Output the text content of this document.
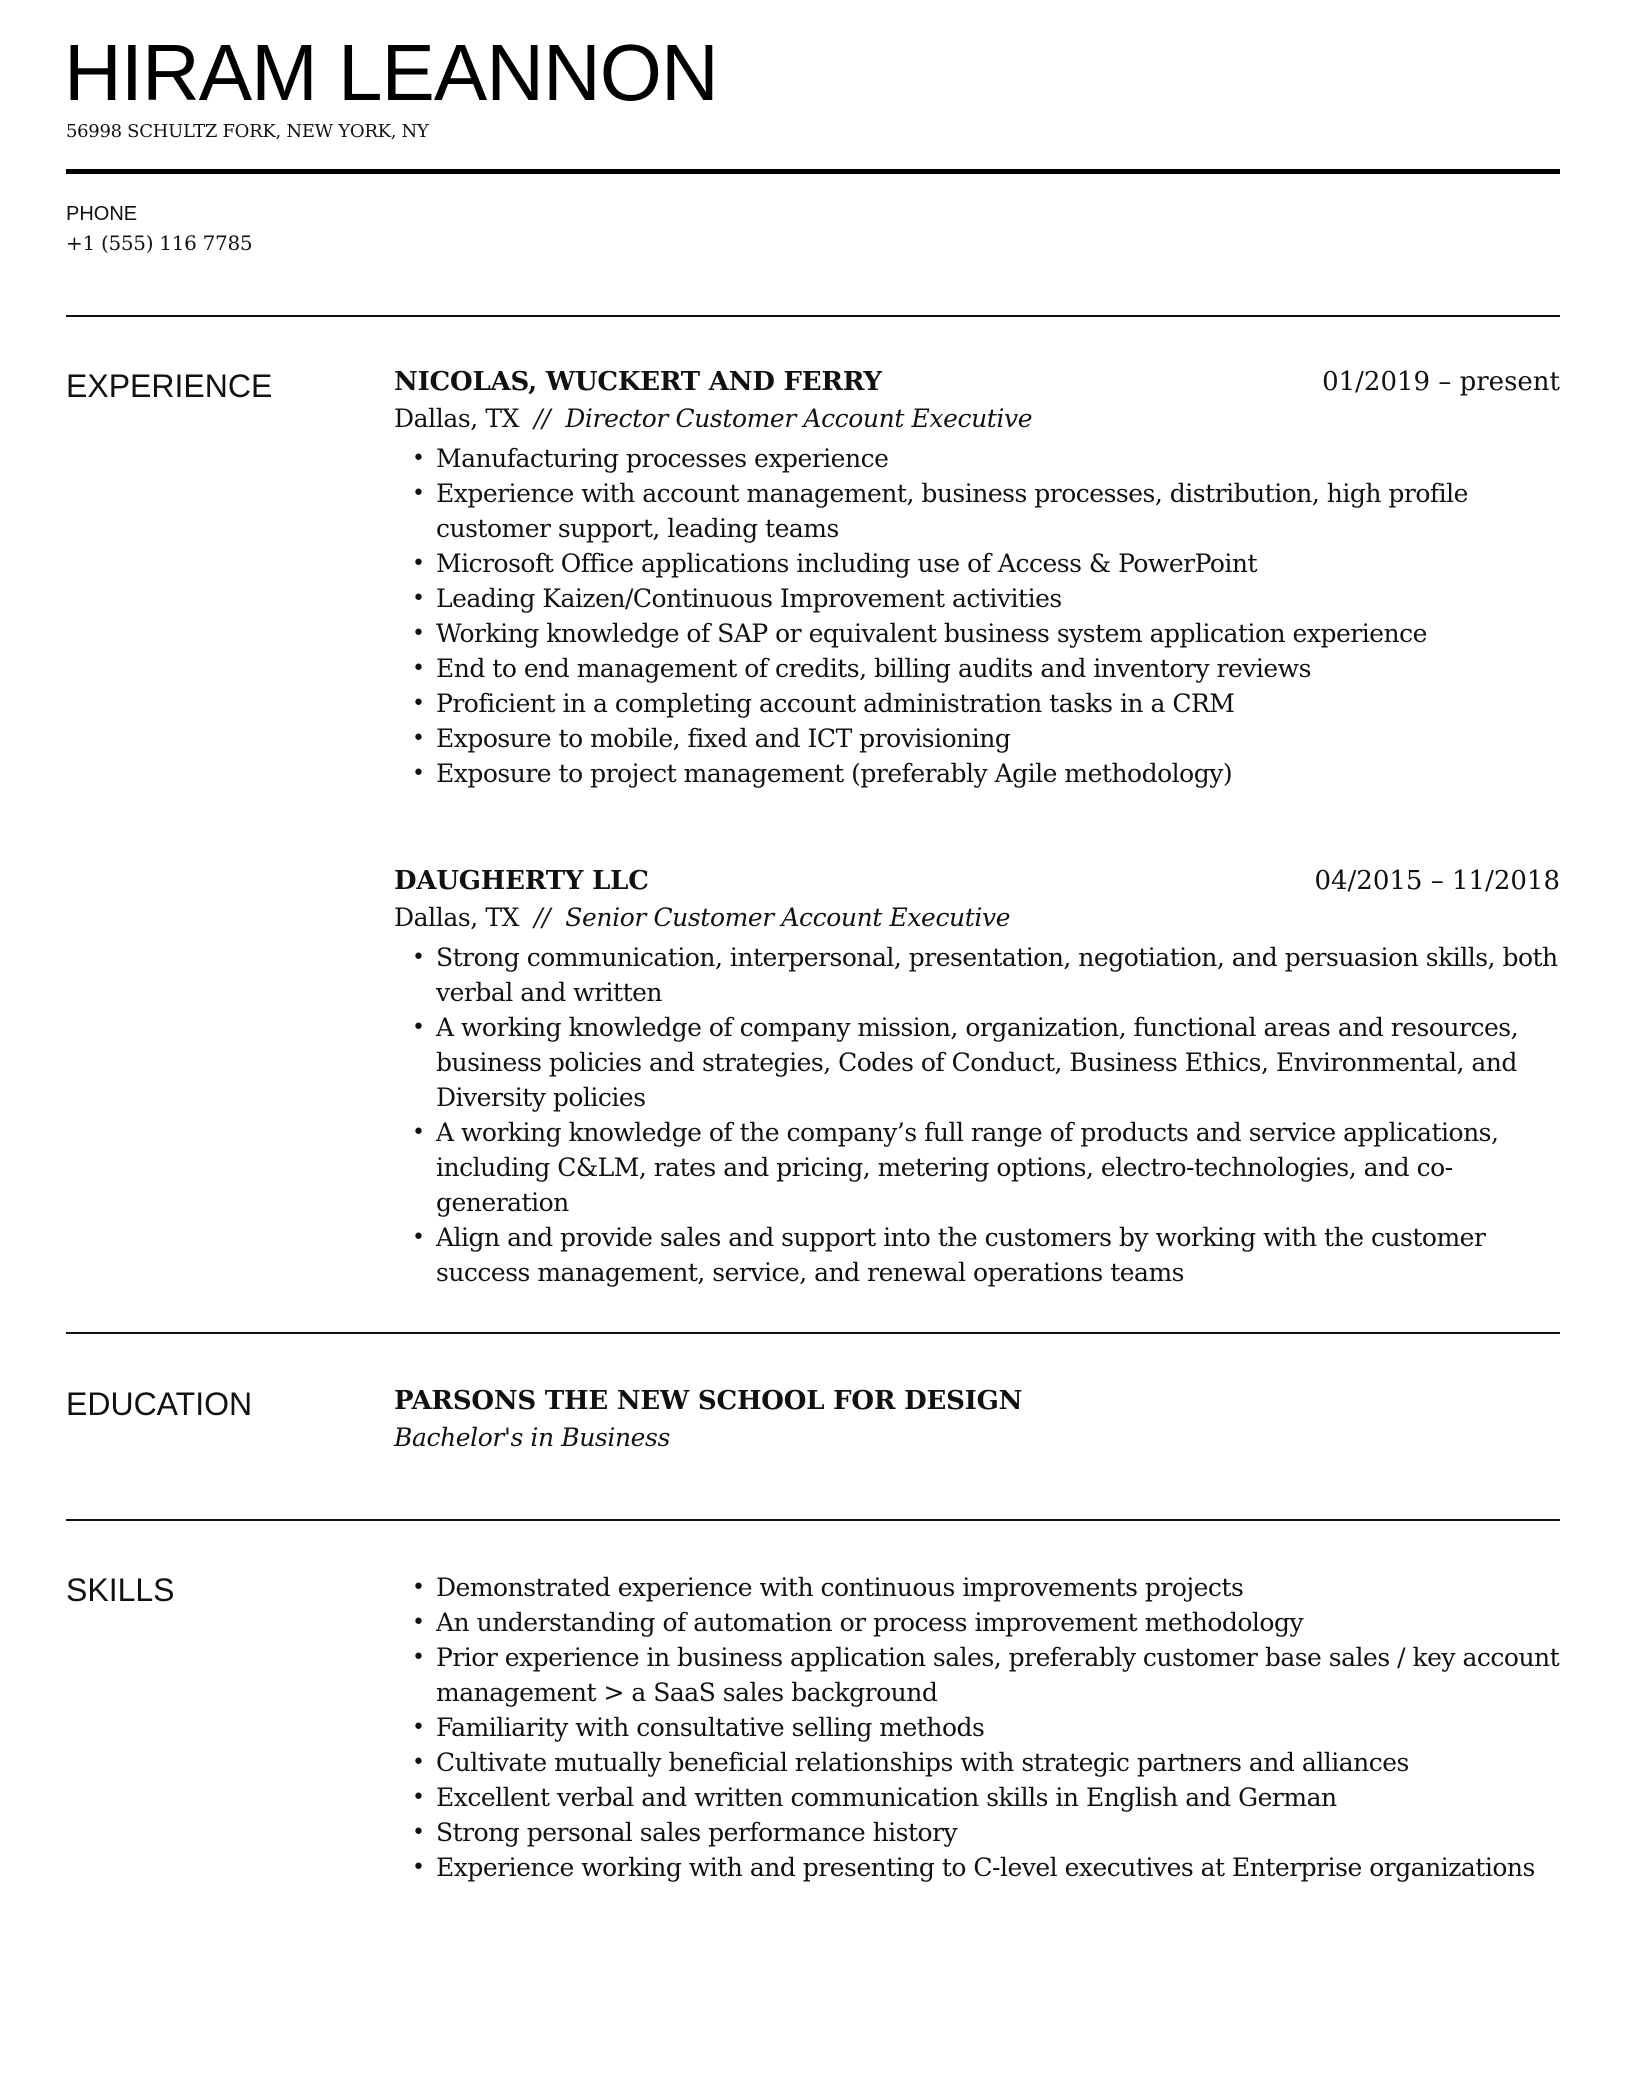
HIRAM LEANNON
56998 SCHULTZ FORK, NEW YORK, NY
PHONE
+1 (555) 116 7785
EXPERIENCE	NICOLAS, WUCKERT AND FERRY	01/2019 – present
Dallas, TX  //  Director Customer Account Executive
• Manufacturing processes experience
• Experience with account management, business processes, distribution, high profile customer support, leading teams
• Microsoft Office applications including use of Access & PowerPoint
• Leading Kaizen/Continuous Improvement activities
• Working knowledge of SAP or equivalent business system application experience
• End to end management of credits, billing audits and inventory reviews
• Proficient in a completing account administration tasks in a CRM
• Exposure to mobile, fixed and ICT provisioning
• Exposure to project management (preferably Agile methodology)
DAUGHERTY LLC	04/2015 – 11/2018
Dallas, TX  //  Senior Customer Account Executive
• Strong communication, interpersonal, presentation, negotiation, and persuasion skills, both verbal and written
• A working knowledge of company mission, organization, functional areas and resources, business policies and strategies, Codes of Conduct, Business Ethics, Environmental, and Diversity policies
• A working knowledge of the company’s full range of products and service applications, including C&LM, rates and pricing, metering options, electro-technologies, and co-generation
• Align and provide sales and support into the customers by working with the customer success management, service, and renewal operations teams
EDUCATION	PARSONS THE NEW SCHOOL FOR DESIGN
Bachelor's in Business
SKILLS	• Demonstrated experience with continuous improvements projects
• An understanding of automation or process improvement methodology
• Prior experience in business application sales, preferably customer base sales / key account management > a SaaS sales background
• Familiarity with consultative selling methods
• Cultivate mutually beneficial relationships with strategic partners and alliances
• Excellent verbal and written communication skills in English and German
• Strong personal sales performance history
• Experience working with and presenting to C-level executives at Enterprise organizations
